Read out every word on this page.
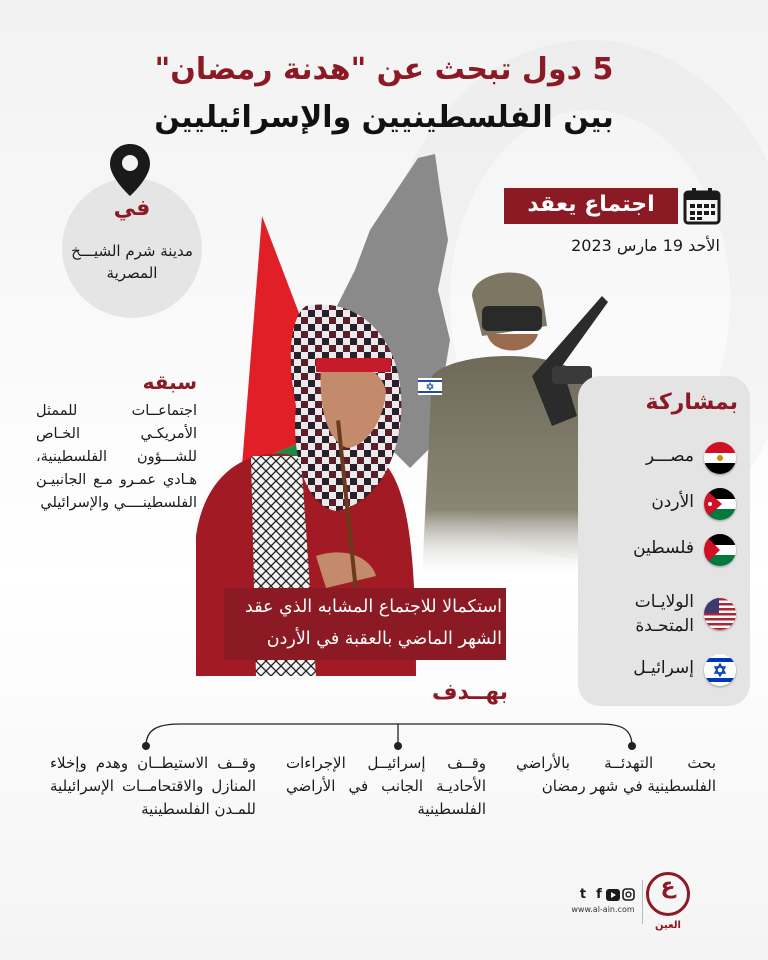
5 دول تبحث عن "هدنة رمضان"
بين الفلسطينيين والإسرائيليين
في
مدينة شرم الشيـــخ المصرية
اجتماع يعقد
الأحد 19 مارس 2023
سبقه
اجتماعــات للممثل الأمريكـي الخـاص للشـــؤون الفلسطينية، هـادي عمـرو مـع الجانبيـن الفلسطينــــي والإسرائيلي
استكمالا للاجتماع المشابه الذي عقد
الشهر الماضي بالعقبة في الأردن
بمشاركة
مصـــر
الأردن
فلسطين
الولايـات المتحـدة
إسرائيـل
بهــدف
بحث التهدئــة بالأراضي الفلسطينية في شهر رمضان
وقــف إسرائيــل الإجراءات الأحاديـة الجانب في الأراضي الفلسطينية
وقــف الاستيطــان وهدم وإخلاء المنازل والاقتحامــات الإسرائيلية للمـدن الفلسطينية
ع
العين
t f
www.al-ain.com
